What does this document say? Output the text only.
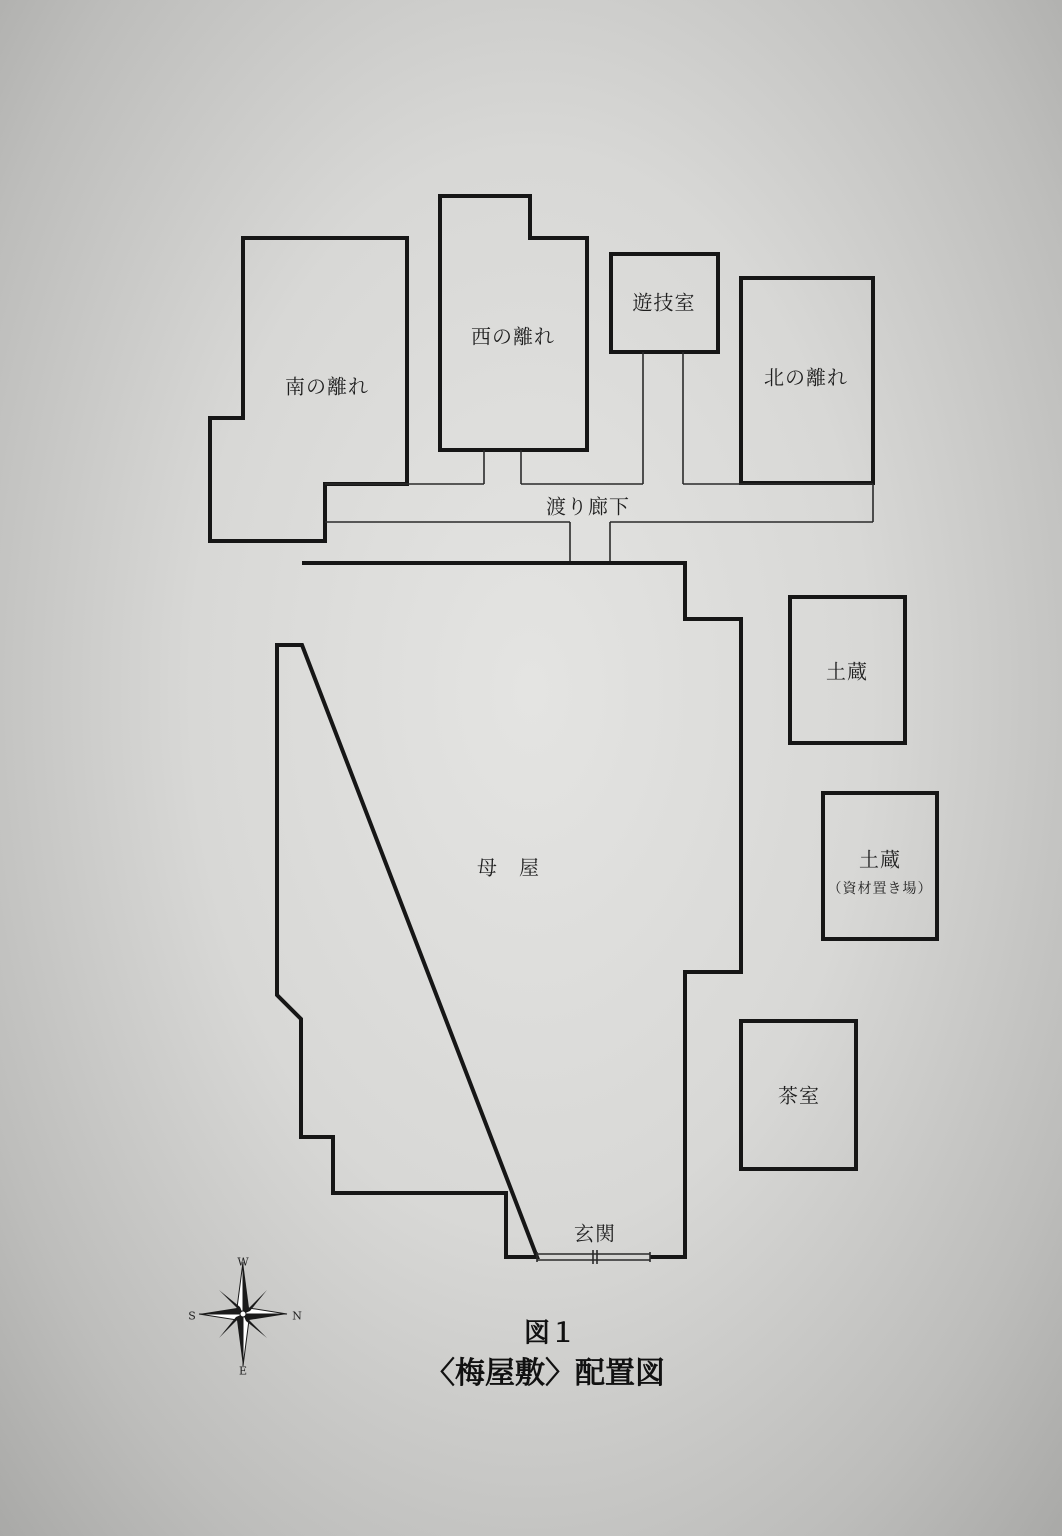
南の離れ
西の離れ
遊技室
北の離れ
渡り廊下
母屋
土蔵
土蔵
（資材置き場）
茶室
玄関
W
E
S	N
図１
〈梅屋敷〉配置図
